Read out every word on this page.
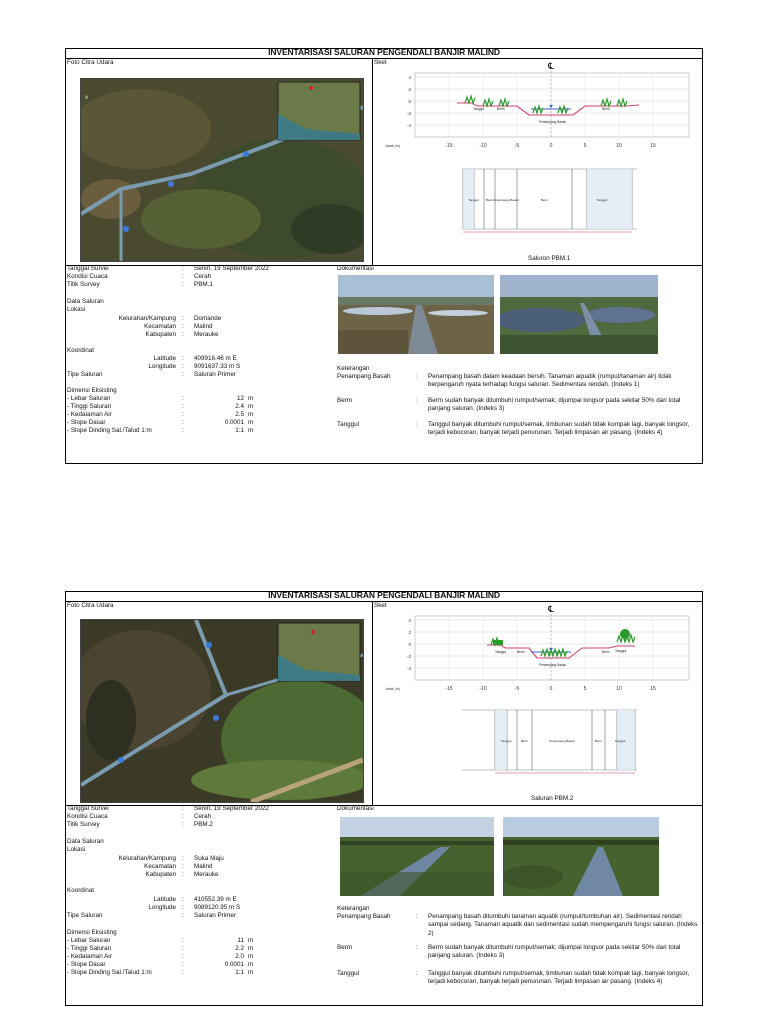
INVENTARISASI SALURAN PENGENDALI BANJIR MALIND
Foto Citra Udara	Sket
N
4
2
0
-2
-4
-15	-10	-5	0	5	10	15
Jarak (m)
℄
Tanggul	Berm
Penampang Basah
Berm
Tanggul Berm Penampang Basah	Berm	Tanggul
Saluron PBM.1
Tanggal Survei	: Senin, 19 September 2022
Kondisi Cuaca	: Cerah
Titik Survey	: PBM.1
Dokumentasi
Data Saluran
Lokasi
Kelurahan/Kampung : Domande
Kecamatan : Malind
Kabupaten : Merauke
Koordinat
Latitude : 409916.46 m E
Longitude : 9091637.33 m S
Tipe Saluran	: Saluran Primer
Dimensi Eksisting
- Lebar Saluran	:	12 m
- Tinggi Saluran	:	2.4 m
- Kedalaman Air	:	2.5 m
- Slope Dasar	:	0.0001 m
- Slope Dinding Sal./Talud 1:m	:	1:1 m
Keterangan
Penampang Basah	: Penampang basah dalam keadaan bersih. Tanaman aquatik (rumput/tanaman air) tidak berpengaruh nyata terhadap fungsi saluran. Sedimentasi rendah. (Indeks 1)
Berm	: Berm sudah banyak ditumbuhi rumput/semak; dijumpai longsor pada sekitar 50% dari total panjang saluran. (Indeks 3)
Tanggul	: Tanggul banyak ditumbuhi rumput/semak, timbunan sudah tidak kompak lagi, banyak longsor, terjadi kebocoran, banyak terjadi penurunan. Terjadi limpasan air pasang. (Indeks 4)
INVENTARISASI SALURAN PENGENDALI BANJIR MALIND
Foto Citra Udara	Sket
4
2
0
-2
-4
-15	-10	-5	0	5	10	15
Jarak (m)
℄
Tanggul	Berm
Penampang Basah
Berm Tanggul
Tanggul	Berm	Penampang Basah	Berm	Tanggul
Saluran PBM.2
Tanggal Survei	: Senin, 19 September 2022
Kondisi Cuaca	: Cerah
Titik Survey	: PBM.2
Dokumentasi
Data Saluran
Lokasi
Kelurahan/Kampung : Suka Maju
Kecamatan : Malind
Kabupaten : Merauke
Koordinat
Latitude : 410552.39 m E
Longitude : 9089120.95 m S
Tipe Saluran	: Saluran Primer
Dimensi Eksisting
- Lebar Saluran	:	11 m
- Tinggi Saluran	:	2.2 m
- Kedalaman Air	:	2.0 m
- Slope Dasar	:	0.0001 m
- Slope Dinding Sal./Talud 1:m	:	1:1 m
Keterangan
Penampang Basah	: Penampang basah ditumbuhi tanaman aquatik (rumput/tumbuhan air). Sedimentasi rendah sampai sedang. Tanaman aquatik dan sedimentasi sudah mempengaruhi fungsi saluran. (Indeks 2)
Berm	: Berm sudah banyak ditumbuhi rumput/semak; dijumpai longsor pada sekitar 50% dari total panjang saluran. (Indeks 3)
Tanggul	: Tanggul banyak ditumbuhi rumput/semak, timbunan sudah tidak kompak lagi, banyak longsor, terjadi kebocoran, banyak terjadi penurunan. Terjadi limpasan air pasang. (Indeks 4)
